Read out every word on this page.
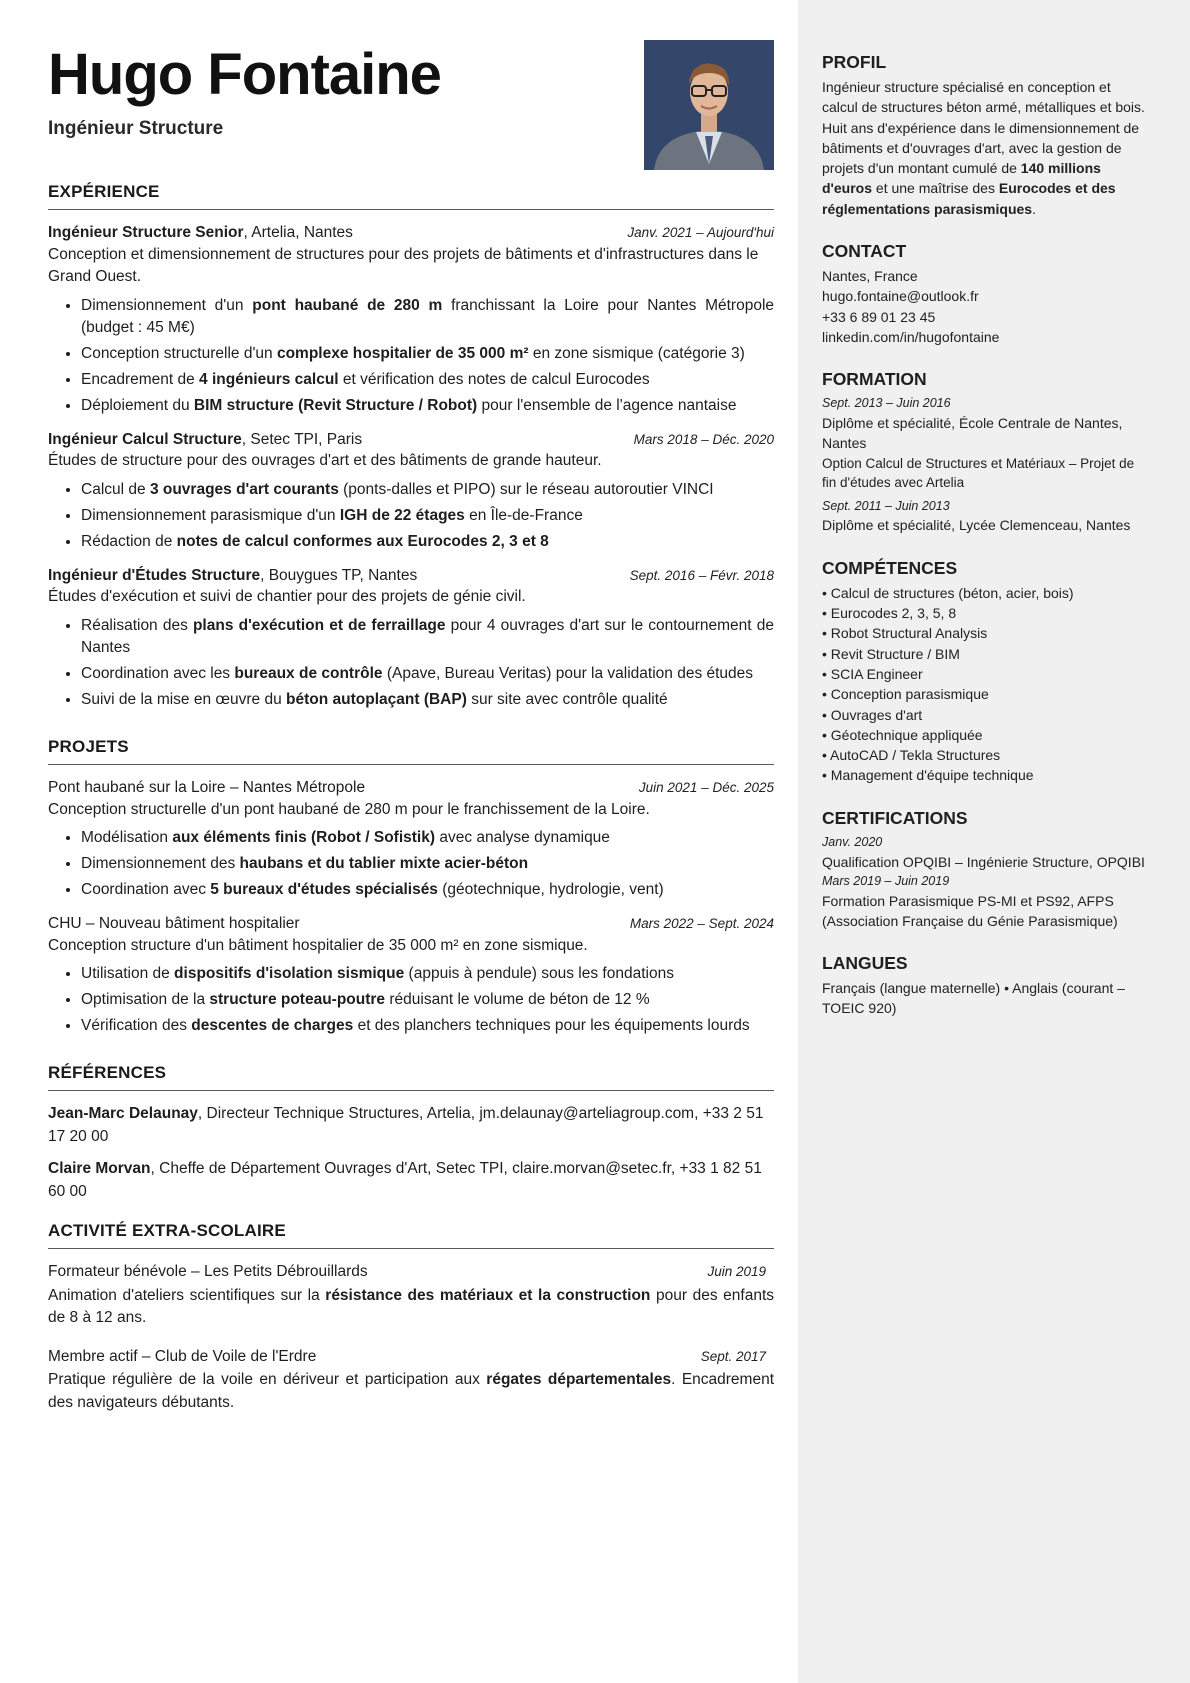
Hugo Fontaine
Ingénieur Structure
EXPÉRIENCE
Ingénieur Structure Senior, Artelia, Nantes	Janv. 2021 – Aujourd'hui

Conception et dimensionnement de structures pour des projets de bâtiments et d'infrastructures dans le Grand Ouest.

• Dimensionnement d'un pont haubané de 280 m franchissant la Loire pour Nantes Métropole (budget : 45 M€)
• Conception structurelle d'un complexe hospitalier de 35 000 m² en zone sismique (catégorie 3)
• Encadrement de 4 ingénieurs calcul et vérification des notes de calcul Eurocodes
• Déploiement du BIM structure (Revit Structure / Robot) pour l'ensemble de l'agence nantaise
Ingénieur Calcul Structure, Setec TPI, Paris	Mars 2018 – Déc. 2020

Études de structure pour des ouvrages d'art et des bâtiments de grande hauteur.

• Calcul de 3 ouvrages d'art courants (ponts-dalles et PIPO) sur le réseau autoroutier VINCI
• Dimensionnement parasismique d'un IGH de 22 étages en Île-de-France
• Rédaction de notes de calcul conformes aux Eurocodes 2, 3 et 8
Ingénieur d'Études Structure, Bouygues TP, Nantes	Sept. 2016 – Févr. 2018

Études d'exécution et suivi de chantier pour des projets de génie civil.

• Réalisation des plans d'exécution et de ferraillage pour 4 ouvrages d'art sur le contournement de Nantes
• Coordination avec les bureaux de contrôle (Apave, Bureau Veritas) pour la validation des études
• Suivi de la mise en œuvre du béton autoplaçant (BAP) sur site avec contrôle qualité
PROJETS
Pont haubané sur la Loire – Nantes Métropole	Juin 2021 – Déc. 2025

Conception structurelle d'un pont haubané de 280 m pour le franchissement de la Loire.

• Modélisation aux éléments finis (Robot / Sofistik) avec analyse dynamique
• Dimensionnement des haubans et du tablier mixte acier-béton
• Coordination avec 5 bureaux d'études spécialisés (géotechnique, hydrologie, vent)
CHU – Nouveau bâtiment hospitalier	Mars 2022 – Sept. 2024

Conception structure d'un bâtiment hospitalier de 35 000 m² en zone sismique.

• Utilisation de dispositifs d'isolation sismique (appuis à pendule) sous les fondations
• Optimisation de la structure poteau-poutre réduisant le volume de béton de 12 %
• Vérification des descentes de charges et des planchers techniques pour les équipements lourds
RÉFÉRENCES
Jean-Marc Delaunay, Directeur Technique Structures, Artelia, jm.delaunay@arteliagroup.com, +33 2 51 17 20 00
Claire Morvan, Cheffe de Département Ouvrages d'Art, Setec TPI, claire.morvan@setec.fr, +33 1 82 51 60 00
ACTIVITÉ EXTRA-SCOLAIRE
Formateur bénévole – Les Petits Débrouillards	Juin 2019

Animation d'ateliers scientifiques sur la résistance des matériaux et la construction pour des enfants de 8 à 12 ans.

Membre actif – Club de Voile de l'Erdre	Sept. 2017

Pratique régulière de la voile en dériveur et participation aux régates départementales. Encadrement des navigateurs débutants.

PROFIL
Ingénieur structure spécialisé en conception et calcul de structures béton armé, métalliques et bois. Huit ans d'expérience dans le dimensionnement de bâtiments et d'ouvrages d'art, avec la gestion de projets d'un montant cumulé de 140 millions d'euros et une maîtrise des Eurocodes et des réglementations parasismiques.
CONTACT
Nantes, France
hugo.fontaine@outlook.fr
+33 6 89 01 23 45
linkedin.com/in/hugofontaine
FORMATION
Sept. 2013 – Juin 2016
Diplôme et spécialité, École Centrale de Nantes, Nantes
Option Calcul de Structures et Matériaux – Projet de fin d'études avec Artelia
Sept. 2011 – Juin 2013
Diplôme et spécialité, Lycée Clemenceau, Nantes
COMPÉTENCES
• Calcul de structures (béton, acier, bois)
• Eurocodes 2, 3, 5, 8
• Robot Structural Analysis
• Revit Structure / BIM
• SCIA Engineer
• Conception parasismique
• Ouvrages d'art
• Géotechnique appliquée
• AutoCAD / Tekla Structures
• Management d'équipe technique
CERTIFICATIONS
Janv. 2020
Qualification OPQIBI – Ingénierie Structure, OPQIBI
Mars 2019 – Juin 2019
Formation Parasismique PS-MI et PS92, AFPS (Association Française du Génie Parasismique)
LANGUES
Français (langue maternelle) • Anglais (courant – TOEIC 920)
